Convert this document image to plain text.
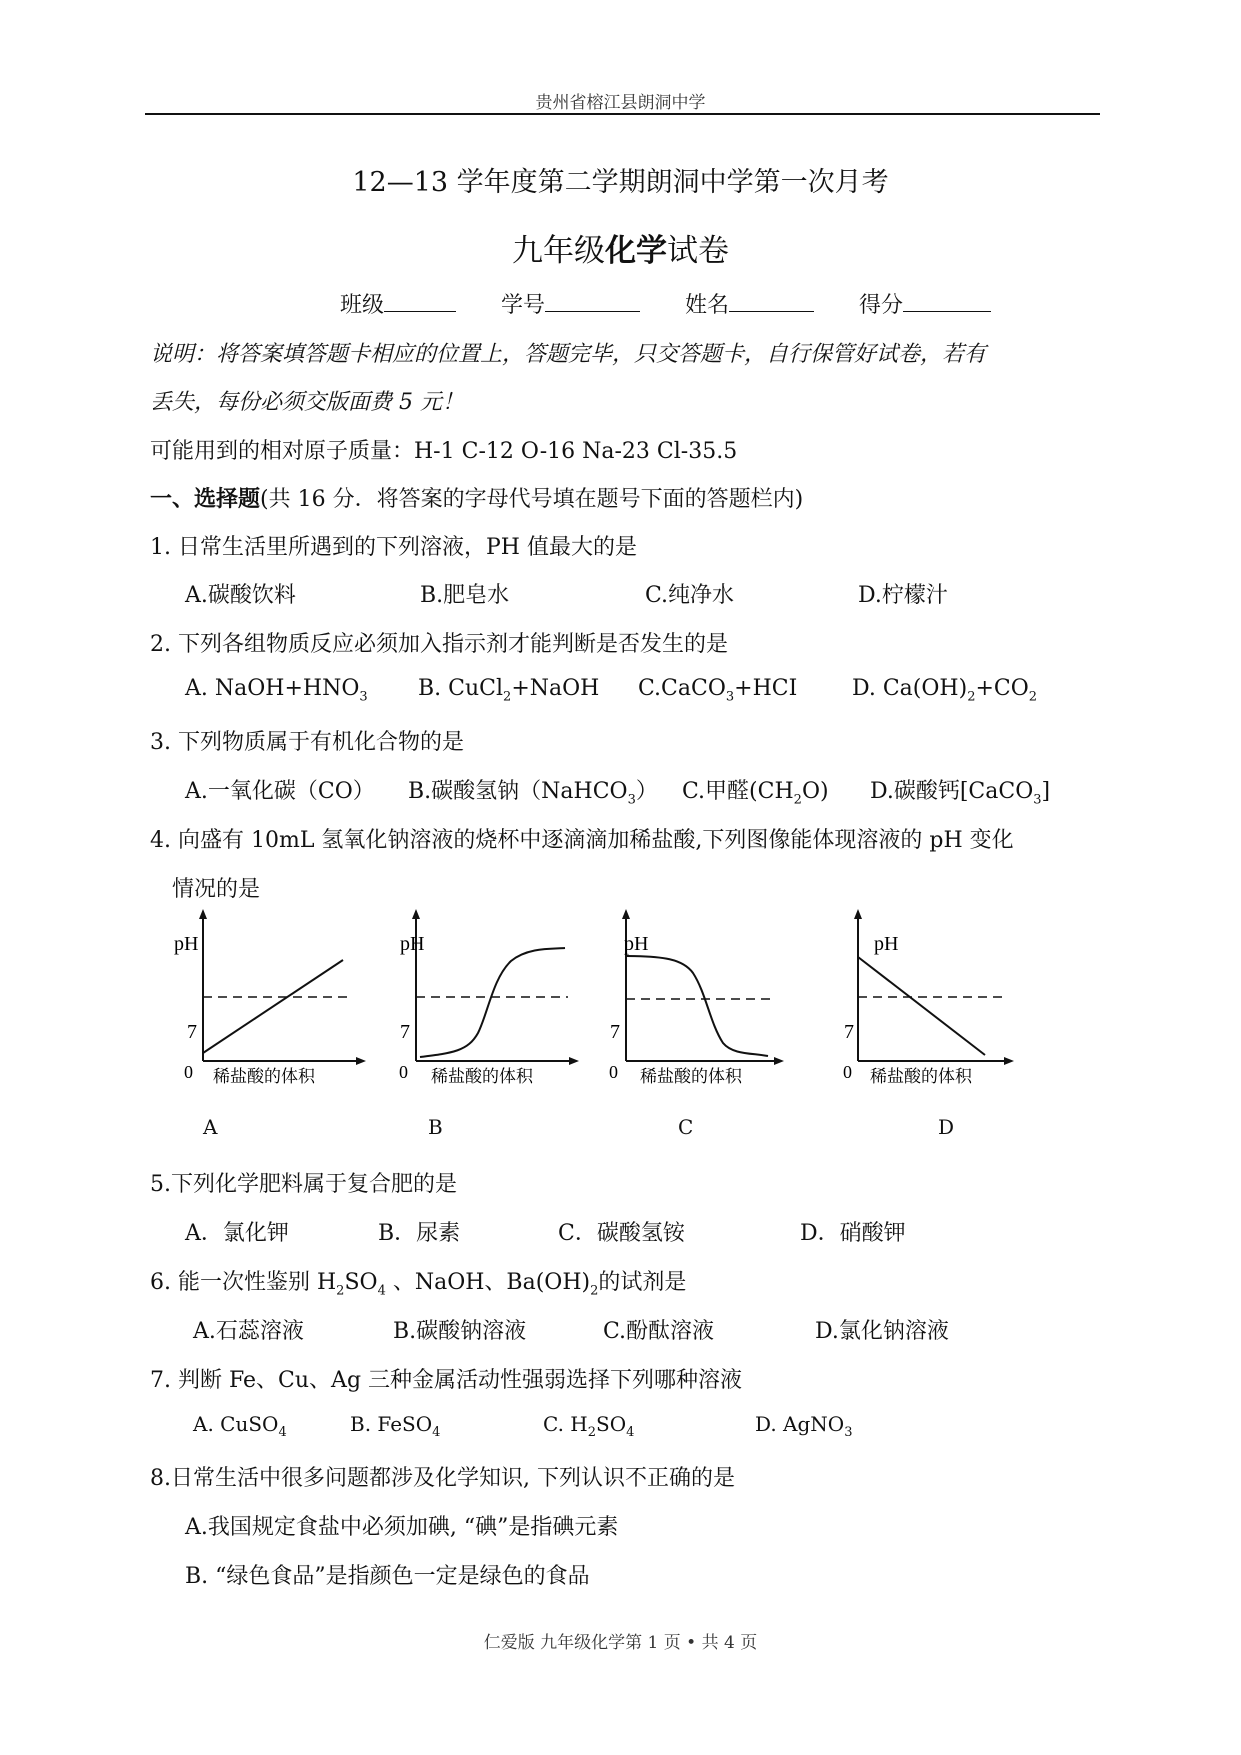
贵州省榕江县朗洞中学
12—13 学年度第二学期朗洞中学第一次月考
九年级化学试卷
班级	学号	姓名	得分
说明：将答案填答题卡相应的位置上，答题完毕，只交答题卡，自行保管好试卷，若有
丢失，每份必须交版面费 5 元！
可能用到的相对原子质量：H-1 C-12 O-16 Na-23 Cl-35.5
一、选择题(共 16 分．将答案的字母代号填在题号下面的答题栏内)
1. 日常生活里所遇到的下列溶液，PH 值最大的是
A.碳酸饮料	B.肥皂水	C.纯净水	D.柠檬汁
2. 下列各组物质反应必须加入指示剂才能判断是否发生的是
A. $NaOH+HNO_3$ B. CuCl$_2$+NaOH C.CaCO$_3$+HCI D. $Ca(OH)_2+CO_2$
3. 下列物质属于有机化合物的是
A.一氧化碳（CO） B.碳酸氢钠（NaHCO$_3$） C.甲醛$(CH_2O)$ D.碳酸钙[CaCO$_3$]
4. 向盛有 10mL 氢氧化钠溶液的烧杯中逐滴滴加稀盐酸,下列图像能体现溶液的 pH 变化
情况的是
pH
7
0 稀盐酸的体积
pH
7
0 稀盐酸的体积
pH
7
0 稀盐酸的体积
pH
7
0 稀盐酸的体积
A	B	C	D
5.下列化学肥料属于复合肥的是
A．氯化钾	B．尿素	C．碳酸氢铵	D．硝酸钾
6. 能一次性鉴别 $H_2SO_4$ 、NaOH、$Ba(OH)_2$的试剂是
A.石蕊溶液	B.碳酸钠溶液	C.酚酞溶液	D.氯化钠溶液
7. 判断 Fe、Cu、Ag 三种金属活动性强弱选择下列哪种溶液
A. CuSO$_4$	B. FeSO$_4$	C. $H_2SO_4$	D. AgNO$_3$
8.日常生活中很多问题都涉及化学知识, 下列认识不正确的是
A.我国规定食盐中必须加碘, “碘”是指碘元素
B. “绿色食品”是指颜色一定是绿色的食品
仁爱版 九年级化学第 1 页 • 共 4 页
